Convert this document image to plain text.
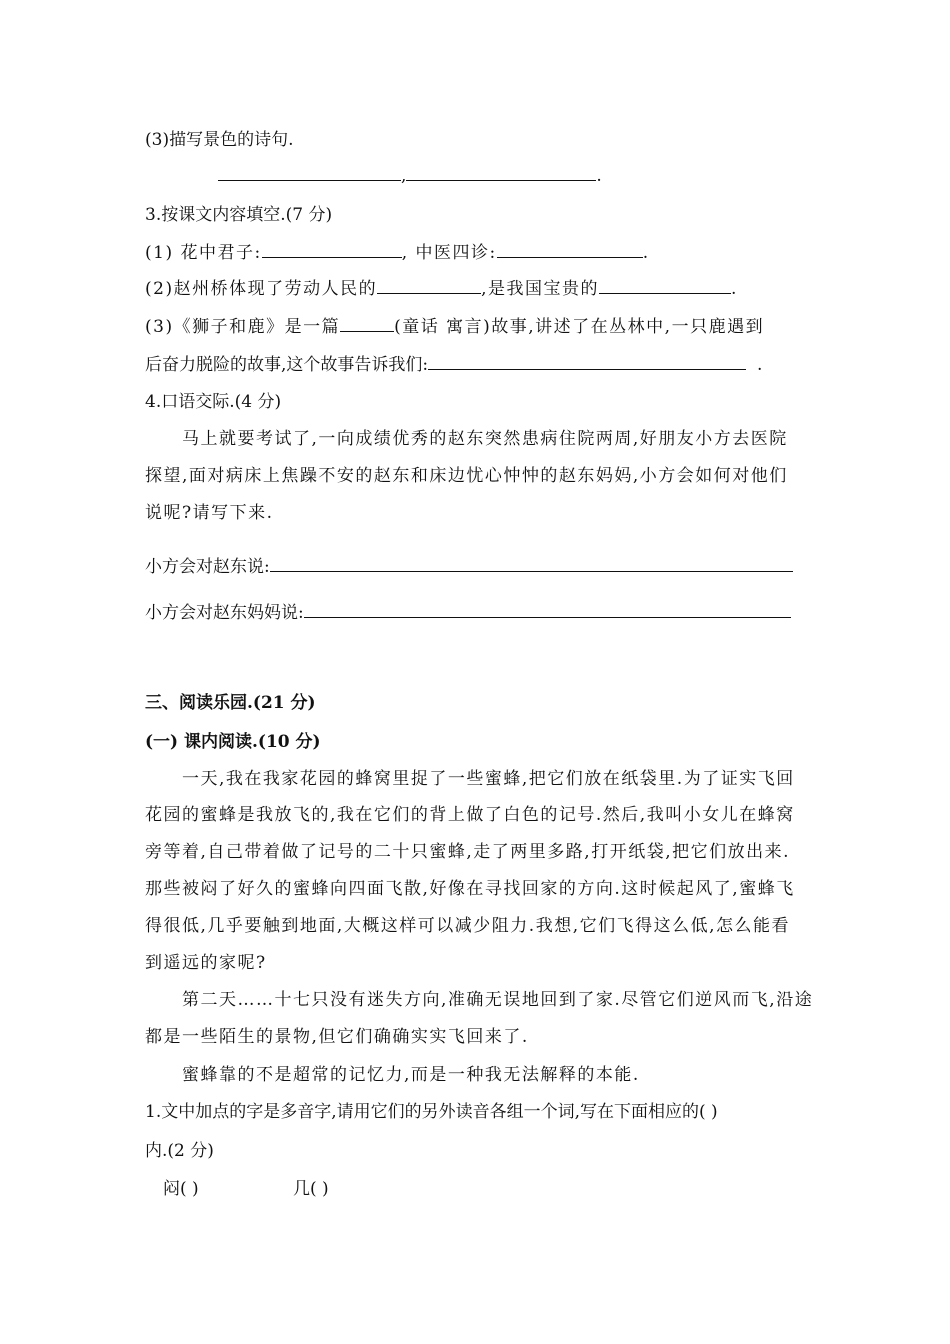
(3)描写景色的诗句.
,	.
3.按课文内容填空.(7 分)
(1) 花中君子:	, 中医四诊:	.
(2)赵州桥体现了劳动人民的	,是我国宝贵的	.
(3)《狮子和鹿》是一篇	(童话 寓言)故事,讲述了在丛林中,一只鹿遇到
后奋力脱险的故事,这个故事告诉我们:	.
4.口语交际.(4 分)
马上就要考试了,一向成绩优秀的赵东突然患病住院两周,好朋友小方去医院
探望,面对病床上焦躁不安的赵东和床边忧心忡忡的赵东妈妈,小方会如何对他们
说呢?请写下来.
小方会对赵东说:
小方会对赵东妈妈说:
三、阅读乐园.(21 分)
(一) 课内阅读.(10 分)
一天,我在我家花园的蜂窝里捉了一些蜜蜂,把它们放在纸袋里.为了证实飞回
花园的蜜蜂是我放飞的,我在它们的背上做了白色的记号.然后,我叫小女儿在蜂窝
旁等着,自己带着做了记号的二十只蜜蜂,走了两里多路,打开纸袋,把它们放出来.
那些被闷了好久的蜜蜂向四面飞散,好像在寻找回家的方向.这时候起风了,蜜蜂飞
得很低,几乎要触到地面,大概这样可以减少阻力.我想,它们飞得这么低,怎么能看
到遥远的家呢?
第二天……十七只没有迷失方向,准确无误地回到了家.尽管它们逆风而飞,沿途
都是一些陌生的景物,但它们确确实实飞回来了.
蜜蜂靠的不是超常的记忆力,而是一种我无法解释的本能.
1.文中加点的字是多音字,请用它们的另外读音各组一个词,写在下面相应的( )
内.(2 分)
闷( )	几( )
